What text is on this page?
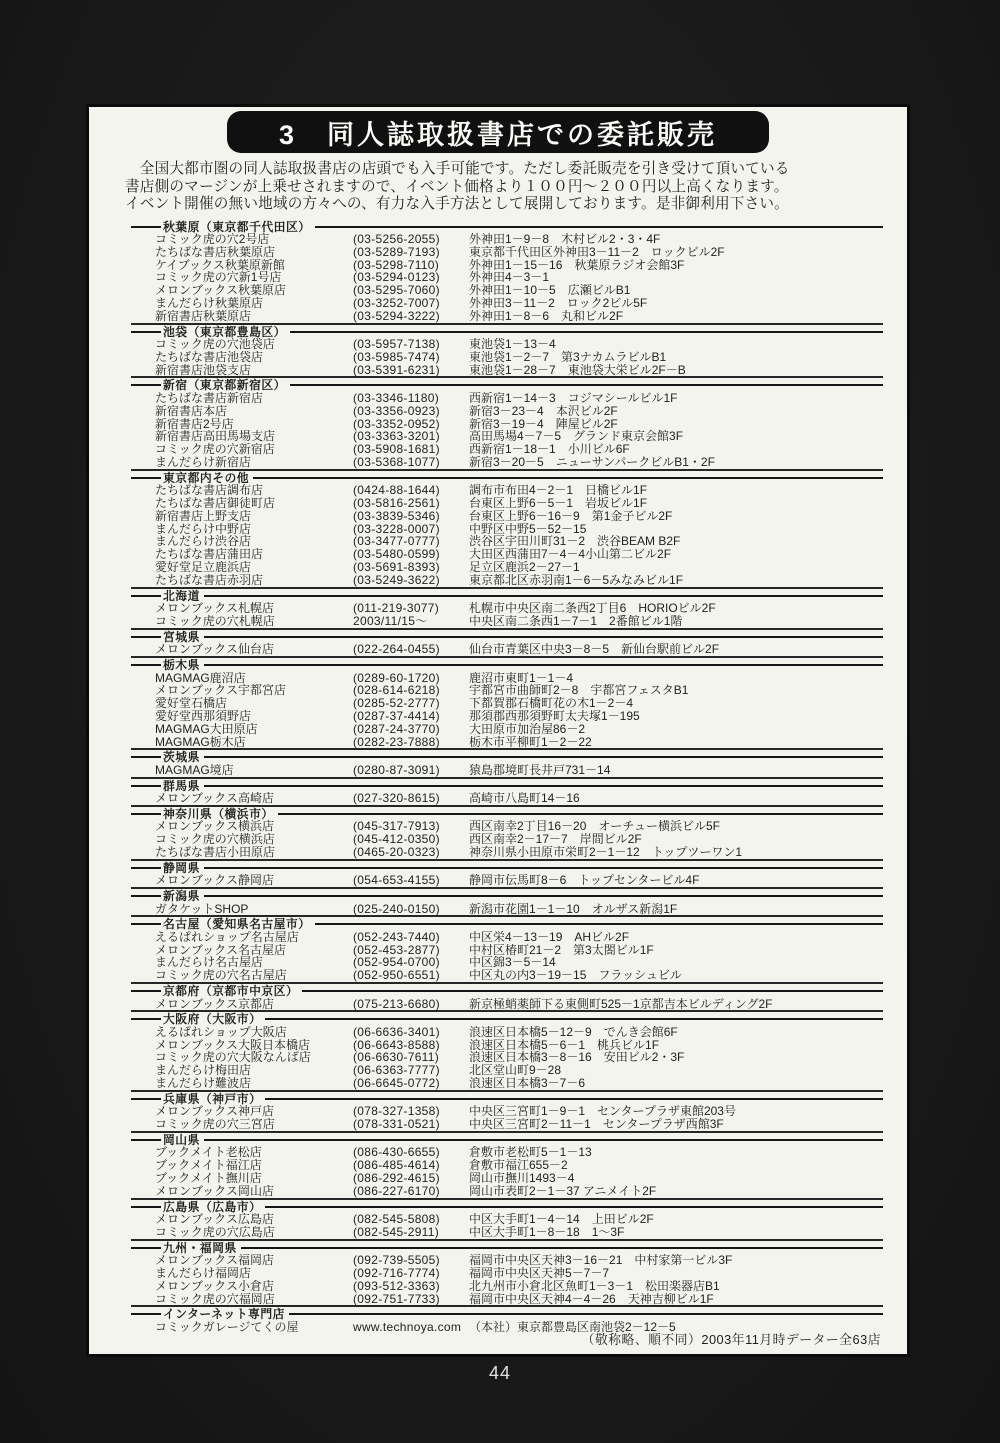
3　同人誌取扱書店での委託販売
　全国大都市圏の同人誌取扱書店の店頭でも入手可能です。ただし委託販売を引き受けて頂いている
書店側のマージンが上乗せされますので、イベント価格より１００円～２００円以上高くなります。
イベント開催の無い地域の方々への、有力な入手方法として展開しております。是非御利用下さい。
秋葉原（東京都千代田区）
コミック虎の穴2号店	(03-5256-2055)	外神田1－9－8　木村ビル2・3・4F
たちばな書店秋葉原店	(03-5289-7193)	東京都千代田区外神田3－11－2　ロックビル2F
ケイブックス秋葉原新館	(03-5298-7110)	外神田1－15－16　秋葉原ラジオ会館3F
コミック虎の穴新1号店	(03-5294-0123)	外神田4－3－1
メロンブックス秋葉原店	(03-5295-7060)	外神田1－10－5　広瀬ビルB1
まんだらけ秋葉原店	(03-3252-7007)	外神田3－11－2　ロック2ビル5F
新宿書店秋葉原店	(03-5294-3222)	外神田1－8－6　丸和ビル2F
池袋（東京都豊島区）
コミック虎の穴池袋店	(03-5957-7138)	東池袋1－13－4
たちばな書店池袋店	(03-5985-7474)	東池袋1－2－7　第3ナカムラビルB1
新宿書店池袋支店	(03-5391-6231)	東池袋1－28－7　東池袋大栄ビル2F－B
新宿（東京都新宿区）
たちばな書店新宿店	(03-3346-1180)	西新宿1－14－3　コジマシールビル1F
新宿書店本店	(03-3356-0923)	新宿3－23－4　本沢ビル2F
新宿書店2号店	(03-3352-0952)	新宿3－19－4　陣屋ビル2F
新宿書店高田馬場支店	(03-3363-3201)	高田馬場4－7－5　グランド東京会館3F
コミック虎の穴新宿店	(03-5908-1681)	西新宿1－18－1　小川ビル6F
まんだらけ新宿店	(03-5368-1077)	新宿3－20－5　ニューサンパークビルB1・2F
東京都内その他
たちばな書店調布店	(0424-88-1644)	調布市布田4－2－1　日橋ビル1F
たちばな書店御徒町店	(03-5816-2561)	台東区上野6－5－1　岩坂ビル1F
新宿書店上野支店	(03-3839-5346)	台東区上野6－16－9　第1金子ビル2F
まんだらけ中野店	(03-3228-0007)	中野区中野5－52－15
まんだらけ渋谷店	(03-3477-0777)	渋谷区宇田川町31－2　渋谷BEAM B2F
たちばな書店蒲田店	(03-5480-0599)	大田区西蒲田7－4－4小山第二ビル2F
愛好堂足立鹿浜店	(03-5691-8393)	足立区鹿浜2－27－1
たちばな書店赤羽店	(03-5249-3622)	東京都北区赤羽南1－6－5みなみビル1F
北海道
メロンブックス札幌店	(011-219-3077)	札幌市中央区南二条西2丁目6　HORIOビル2F
コミック虎の穴札幌店	2003/11/15～	中央区南二条西1－7－1　2番館ビル1階
宮城県
メロンブックス仙台店	(022-264-0455)	仙台市青葉区中央3－8－5　新仙台駅前ビル2F
栃木県
MAGMAG鹿沼店	(0289-60-1720)	鹿沼市東町1－1－4
メロンブックス宇都宮店	(028-614-6218)	宇都宮市曲師町2－8　宇都宮フェスタB1
愛好堂石橋店	(0285-52-2777)	下都賀郡石橋町花の木1－2－4
愛好堂西那須野店	(0287-37-4414)	那須郡西那須野町太夫塚1－195
MAGMAG大田原店	(0287-24-3770)	大田原市加治屋86－2
MAGMAG栃木店	(0282-23-7888)	栃木市平柳町1－2－22
茨城県
MAGMAG境店	(0280-87-3091)	猿島郡境町長井戸731－14
群馬県
メロンブックス高崎店	(027-320-8615)	高崎市八島町14－16
神奈川県（横浜市）
メロンブックス横浜店	(045-317-7913)	西区南幸2丁目16－20　オーチュー横浜ビル5F
コミック虎の穴横浜店	(045-412-0350)	西区南幸2－17－7　岸間ビル2F
たちばな書店小田原店	(0465-20-0323)	神奈川県小田原市栄町2－1－12　トップツーワン1
静岡県
メロンブックス静岡店	(054-653-4155)	静岡市伝馬町8－6　トップセンタービル4F
新潟県
ガタケットSHOP	(025-240-0150)	新潟市花園1－1－10　オルザス新潟1F
名古屋（愛知県名古屋市）
えるぱれショップ名古屋店	(052-243-7440)	中区栄4－13－19　AHビル2F
メロンブックス名古屋店	(052-453-2877)	中村区椿町21－2　第3太閤ビル1F
まんだらけ名古屋店	(052-954-0700)	中区錦3－5－14
コミック虎の穴名古屋店	(052-950-6551)	中区丸の内3－19－15　フラッシュビル
京都府（京都市中京区）
メロンブックス京都店	(075-213-6680)	新京極蛸薬師下る東側町525－1京都吉本ビルディング2F
大阪府（大阪市）
えるぱれショップ大阪店	(06-6636-3401)	浪速区日本橋5－12－9　でんき会館6F
メロンブックス大阪日本橋店	(06-6643-8588)	浪速区日本橋5－6－1　桃兵ビル1F
コミック虎の穴大阪なんば店	(06-6630-7611)	浪速区日本橋3－8－16　安田ビル2・3F
まんだらけ梅田店	(06-6363-7777)	北区堂山町9－28
まんだらけ難波店	(06-6645-0772)	浪速区日本橋3－7－6
兵庫県（神戸市）
メロンブックス神戸店	(078-327-1358)	中央区三宮町1－9－1　センタープラザ東館203号
コミック虎の穴三宮店	(078-331-0521)	中央区三宮町2－11－1　センタープラザ西館3F
岡山県
ブックメイト老松店	(086-430-6655)	倉敷市老松町5－1－13
ブックメイト福江店	(086-485-4614)	倉敷市福江655－2
ブックメイト撫川店	(086-292-4615)	岡山市撫川1493－4
メロンブックス岡山店	(086-227-6170)	岡山市表町2－1－37 アニメイト2F
広島県（広島市）
メロンブックス広島店	(082-545-5808)	中区大手町1－4－14　上田ビル2F
コミック虎の穴広島店	(082-545-2911)	中区大手町1－8－18　1～3F
九州・福岡県
メロンブックス福岡店	(092-739-5505)	福岡市中央区天神3－16－21　中村家第一ビル3F
まんだらけ福岡店	(092-716-7774)	福岡市中央区天神5－7－7
メロンブックス小倉店	(093-512-3363)	北九州市小倉北区魚町1－3－1　松田楽器店B1
コミック虎の穴福岡店	(092-751-7733)	福岡市中央区天神4－4－26　天神吉柳ビル1F
インターネット専門店
コミックガレージてくの屋	www.technoya.com （本社）東京都豊島区南池袋2－12－5
（敬称略、順不同）2003年11月時データー全63店
44
